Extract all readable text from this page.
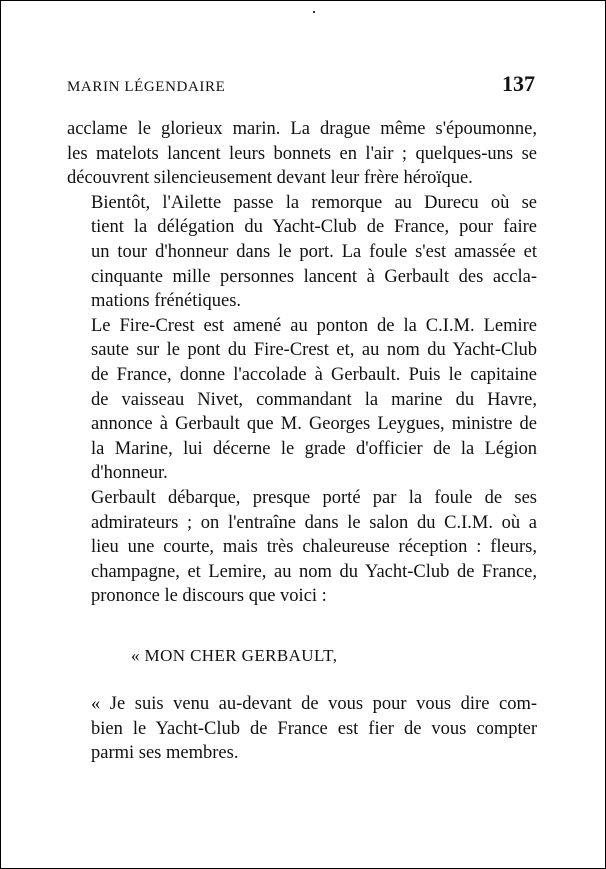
MARIN LÉGENDAIRE	137

acclame le glorieux marin. La drague même s'époumonne,
les matelots lancent leurs bonnets en l'air ; quelques-uns se
découvrent silencieusement devant leur frère héroïque.

Bientôt, l'Ailette passe la remorque au Durecu où se
tient la délégation du Yacht-Club de France, pour faire
un tour d'honneur dans le port. La foule s'est amassée et
cinquante mille personnes lancent à Gerbault des accla-
mations frénétiques.

Le Fire-Crest est amené au ponton de la C.I.M. Lemire
saute sur le pont du Fire-Crest et, au nom du Yacht-Club
de France, donne l'accolade à Gerbault. Puis le capitaine
de vaisseau Nivet, commandant la marine du Havre,
annonce à Gerbault que M. Georges Leygues, ministre de
la Marine, lui décerne le grade d'officier de la Légion
d'honneur.

Gerbault débarque, presque porté par la foule de ses
admirateurs ; on l'entraîne dans le salon du C.I.M. où a
lieu une courte, mais très chaleureuse réception : fleurs,
champagne, et Lemire, au nom du Yacht-Club de France,
prononce le discours que voici :

« MON CHER GERBAULT,

« Je suis venu au-devant de vous pour vous dire com-
bien le Yacht-Club de France est fier de vous compter
parmi ses membres.
